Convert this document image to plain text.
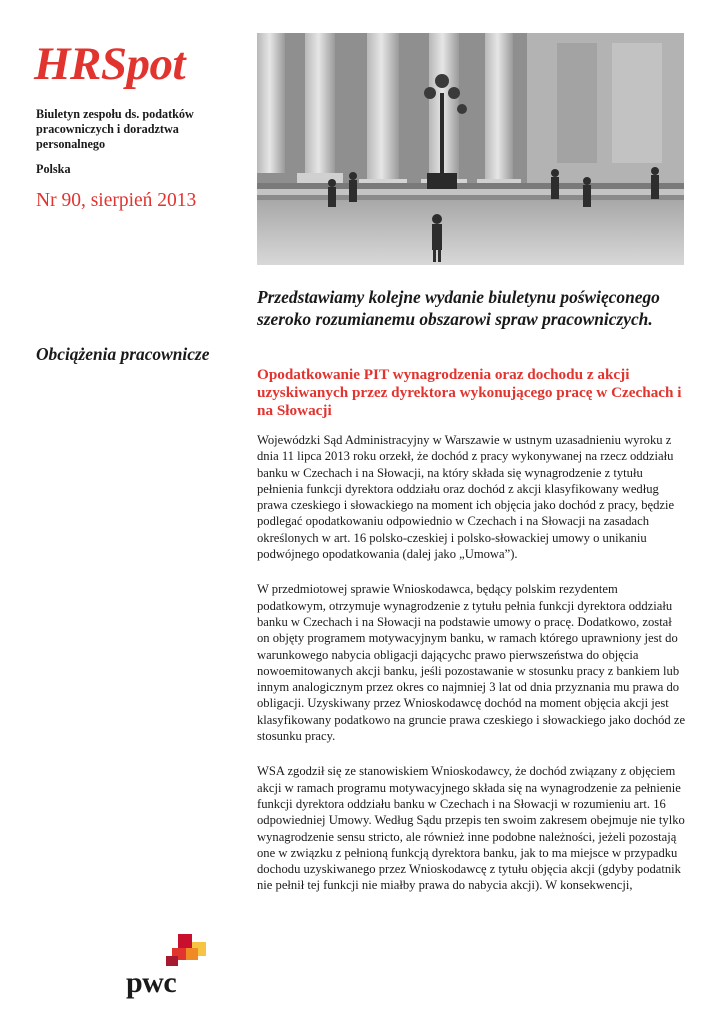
HRSpot

Biuletyn zespołu ds. podatków pracowniczych i doradztwa personalnego

Polska

Nr 90, sierpień 2013

Przedstawiamy kolejne wydanie biuletynu poświęconego szeroko rozumianemu obszarowi spraw pracowniczych.

Obciążenia pracownicze
Opodatkowanie PIT wynagrodzenia oraz dochodu z akcji uzyskiwanych przez dyrektora wykonującego pracę w Czechach i na Słowacji

Wojewódzki Sąd Administracyjny w Warszawie w ustnym uzasadnieniu wyroku z dnia 11 lipca 2013 roku orzekł, że dochód z pracy wykonywanej na rzecz oddziału banku w Czechach i na Słowacji, na który składa się wynagrodzenie z tytułu pełnienia funkcji dyrektora oddziału oraz dochód z akcji klasyfikowany według prawa czeskiego i słowackiego na moment ich objęcia jako dochód z pracy, będzie podlegać opodatkowaniu odpowiednio w Czechach i na Słowacji na zasadach określonych w art. 16 polsko-czeskiej i polsko-słowackiej umowy o unikaniu podwójnego opodatkowania (dalej jako „Umowa”).

W przedmiotowej sprawie Wnioskodawca, będący polskim rezydentem podatkowym, otrzymuje wynagrodzenie z tytułu pełnia funkcji dyrektora oddziału banku w Czechach i na Słowacji na podstawie umowy o pracę. Dodatkowo, został on objęty programem motywacyjnym banku, w ramach którego uprawniony jest do warunkowego nabycia obligacji dającychc prawo pierwszeństwa do objęcia nowoemitowanych akcji banku, jeśli pozostawanie w stosunku pracy z bankiem lub innym analogicznym przez okres co najmniej 3 lat od dnia przyznania mu prawa do obligacji. Uzyskiwany przez Wnioskodawcę dochód na moment objęcia akcji jest klasyfikowany podatkowo na gruncie prawa czeskiego i słowackiego jako dochód ze stosunku pracy.

WSA zgodził się ze stanowiskiem Wnioskodawcy, że dochód związany z objęciem akcji w ramach programu motywacyjnego składa się na wynagrodzenie za pełnienie funkcji dyrektora oddziału banku w Czechach i na Słowacji w rozumieniu art. 16 odpowiedniej Umowy. Według Sądu przepis ten swoim zakresem obejmuje nie tylko wynagrodzenie sensu stricto, ale również inne podobne należności, jeżeli pozostają one w związku z pełnioną funkcją dyrektora banku, jak to ma miejsce w przypadku dochodu uzyskiwanego przez Wnioskodawcę z tytułu objęcia akcji (gdyby podatnik nie pełnił tej funkcji nie miałby prawa do nabycia akcji). W konsekwencji,

pwc
